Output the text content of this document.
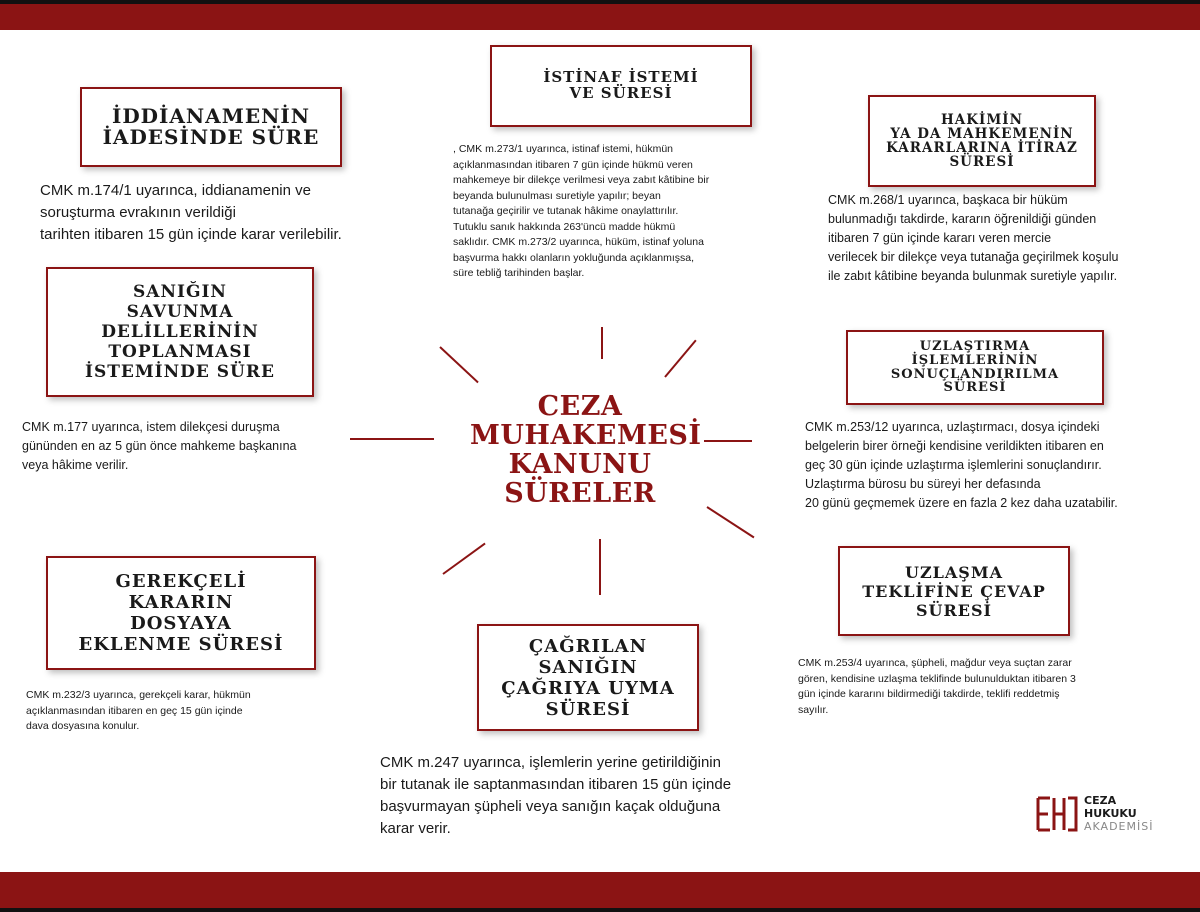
İDDİANAMENİN
İADESİNDE SÜRE
CMK m.174/1 uyarınca, iddianamenin ve
soruşturma evrakının verildiği
tarihten itibaren 15 gün içinde karar verilebilir.
İSTİNAF İSTEMİ
VE SÜRESİ
, CMK m.273/1 uyarınca, istinaf istemi, hükmün
açıklanmasından itibaren 7 gün içinde hükmü veren
mahkemeye bir dilekçe verilmesi veya zabıt kâtibine bir
beyanda bulunulması suretiyle yapılır; beyan
tutanağa geçirilir ve tutanak hâkime onaylattırılır.
Tutuklu sanık hakkında 263'üncü madde hükmü
saklıdır. CMK m.273/2 uyarınca, hüküm, istinaf yoluna
başvurma hakkı olanların yokluğunda açıklanmışsa,
süre tebliğ tarihinden başlar.
HAKİMİN
YA DA MAHKEMENİN
KARARLARINA İTİRAZ
SÜRESİ
CMK m.268/1 uyarınca, başkaca bir hüküm
bulunmadığı takdirde, kararın öğrenildiği günden
itibaren 7 gün içinde kararı veren mercie
verilecek bir dilekçe veya tutanağa geçirilmek koşulu
ile zabıt kâtibine beyanda bulunmak suretiyle yapılır.
SANIĞIN
SAVUNMA
DELİLLERİNİN
TOPLANMASI
İSTEMİNDE SÜRE
CMK m.177 uyarınca, istem dilekçesi duruşma
gününden en az 5 gün önce mahkeme başkanına
veya hâkime verilir.
UZLAŞTIRMA
İŞLEMLERİNİN
SONUÇLANDIRILMA SÜRESİ
CMK m.253/12 uyarınca, uzlaştırmacı, dosya içindeki
belgelerin birer örneği kendisine verildikten itibaren en
geç 30 gün içinde uzlaştırma işlemlerini sonuçlandırır.
Uzlaştırma bürosu bu süreyi her defasında
20 günü geçmemek üzere en fazla 2 kez daha uzatabilir.
GEREKÇELİ
KARARIN
DOSYAYA
EKLENME SÜRESİ
CMK m.232/3 uyarınca, gerekçeli karar, hükmün
açıklanmasından itibaren en geç 15 gün içinde
dava dosyasına konulur.
ÇAĞRILAN
SANIĞIN
ÇAĞRIYA UYMA
SÜRESİ
CMK m.247 uyarınca, işlemlerin yerine getirildiğinin
bir tutanak ile saptanmasından itibaren 15 gün içinde
başvurmayan şüpheli veya sanığın kaçak olduğuna
karar verir.
UZLAŞMA
TEKLİFİNE ÇEVAP
SÜRESİ
CMK m.253/4 uyarınca, şüpheli, mağdur veya suçtan zarar
gören, kendisine uzlaşma teklifinde bulunulduktan itibaren 3
gün içinde kararını bildirmediği takdirde, teklifi reddetmiş
sayılır.
CEZA
MUHAKEMESİ
KANUNU
SÜRELER
CEZA
HUKUKU
AKADEMİSİ
